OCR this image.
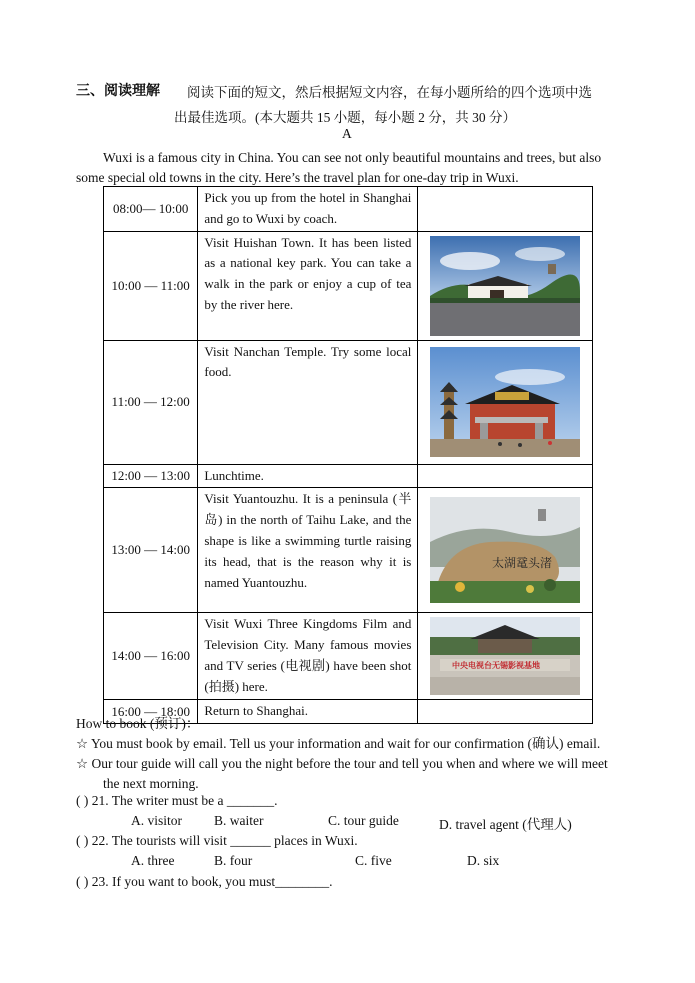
三、阅读理解 阅读下面的短文，然后根据短文内容，在每小题所给的四个选项中选
出最佳选项。(本大题共 15 小题，每小题 2 分，共 30 分）
A
Wuxi is a famous city in China. You can see not only beautiful mountains and trees, but also
some special old towns in the city. Here’s the travel plan for one-day trip in Wuxi.
08:00— 10:00	Pick you up from the hotel in Shanghai and go to Wuxi by coach.	
10:00 — 11:00	Visit Huishan Town. It has been listed as a national key park. You can take a walk in the park or enjoy a cup of tea by the river here.	

11:00 — 12:00	Visit Nanchan Temple. Try some local food.	

12:00 — 13:00	Lunchtime.	
13:00 — 14:00	Visit Yuantouzhu. It is a peninsula (半岛) in the north of Taihu Lake, and the shape is like a swimming turtle raising its head, that is the reason why it is named Yuantouzhu.	太湖鼋头渚

14:00 — 16:00	Visit Wuxi Three Kingdoms Film and Television City. Many famous movies and TV series (电视剧) have been shot (拍摄) here.	中央电视台无锡影视基地

16:00 — 18:00	Return to Shanghai.	
How to book (预订)：
☆ You must book by email. Tell us your information and wait for our confirmation (确认) email.
☆ Our tour guide will call you the night before the tour and tell you when and where we will meet
the next morning.
( ) 21. The writer must be a _______.
A. visitor B. waiter	C. tour guide	D. travel agent (代理人)
( ) 22. The tourists will visit ______ places in Wuxi.
A. three	B. four	C. five	D. six
( ) 23. If you want to book, you must________.
